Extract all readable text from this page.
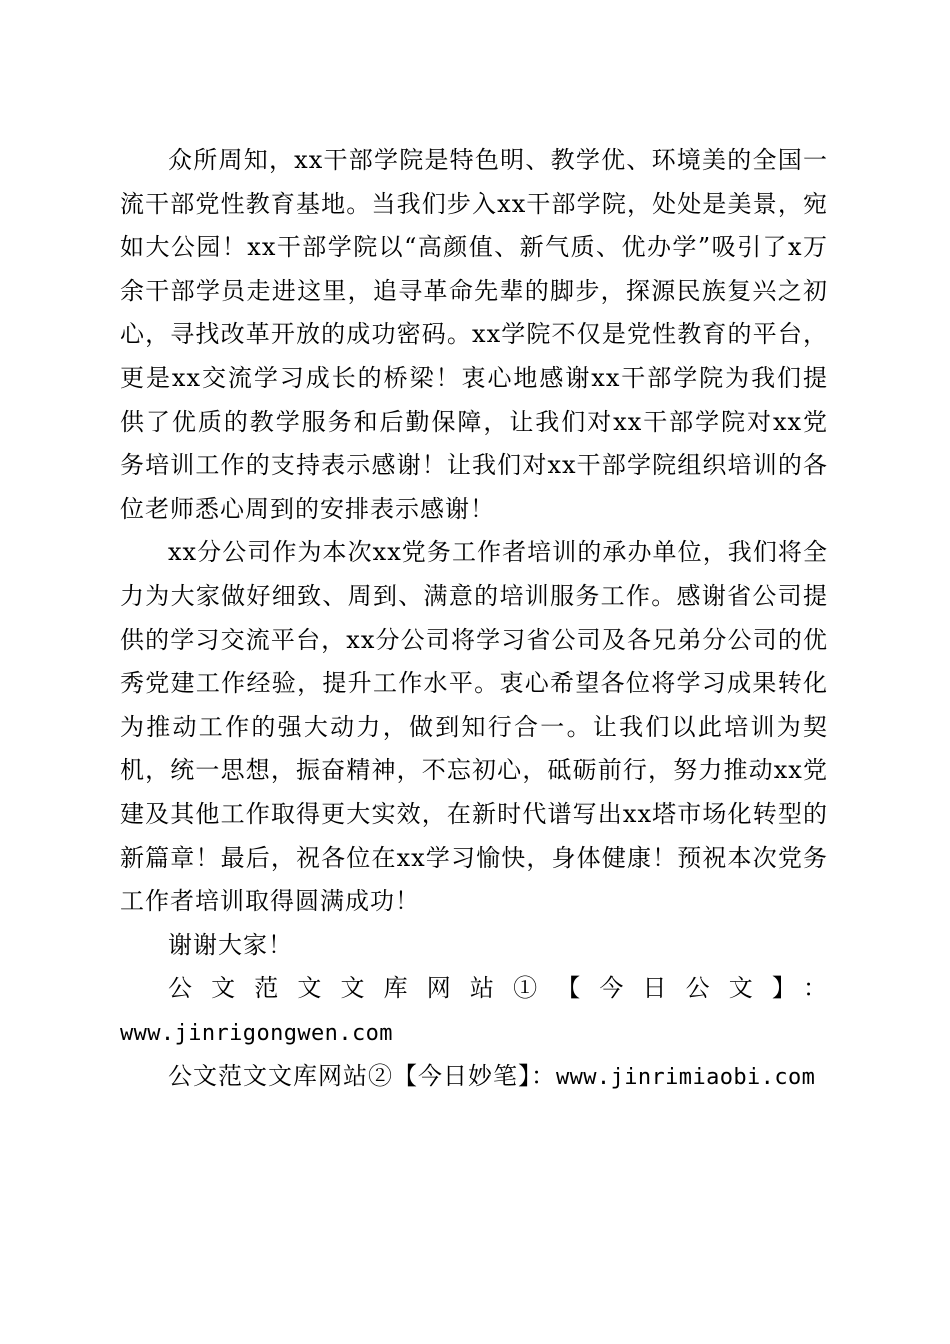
众所周知，xx干部学院是特色明、教学优、环境美的全国一流干部党性教育基地。当我们步入xx干部学院，处处是美景，宛如大公园！xx干部学院以“高颜值、新气质、优办学”吸引了x万余干部学员走进这里，追寻革命先辈的脚步，探源民族复兴之初心，寻找改革开放的成功密码。xx学院不仅是党性教育的平台，更是xx交流学习成长的桥梁！衷心地感谢xx干部学院为我们提供了优质的教学服务和后勤保障，让我们对xx干部学院对xx党务培训工作的支持表示感谢！让我们对xx干部学院组织培训的各位老师悉心周到的安排表示感谢！

xx分公司作为本次xx党务工作者培训的承办单位，我们将全力为大家做好细致、周到、满意的培训服务工作。感谢省公司提供的学习交流平台，xx分公司将学习省公司及各兄弟分公司的优秀党建工作经验，提升工作水平。衷心希望各位将学习成果转化为推动工作的强大动力，做到知行合一。让我们以此培训为契机，统一思想，振奋精神，不忘初心，砥砺前行，努力推动xx党建及其他工作取得更大实效，在新时代谱写出xx塔市场化转型的新篇章！最后，祝各位在xx学习愉快，身体健康！预祝本次党务工作者培训取得圆满成功！

谢谢大家！

公文范文文库网站①【今日公文】：www.jinrigongwen.com

公文范文文库网站②【今日妙笔】：www.jinrimiaobi.com
